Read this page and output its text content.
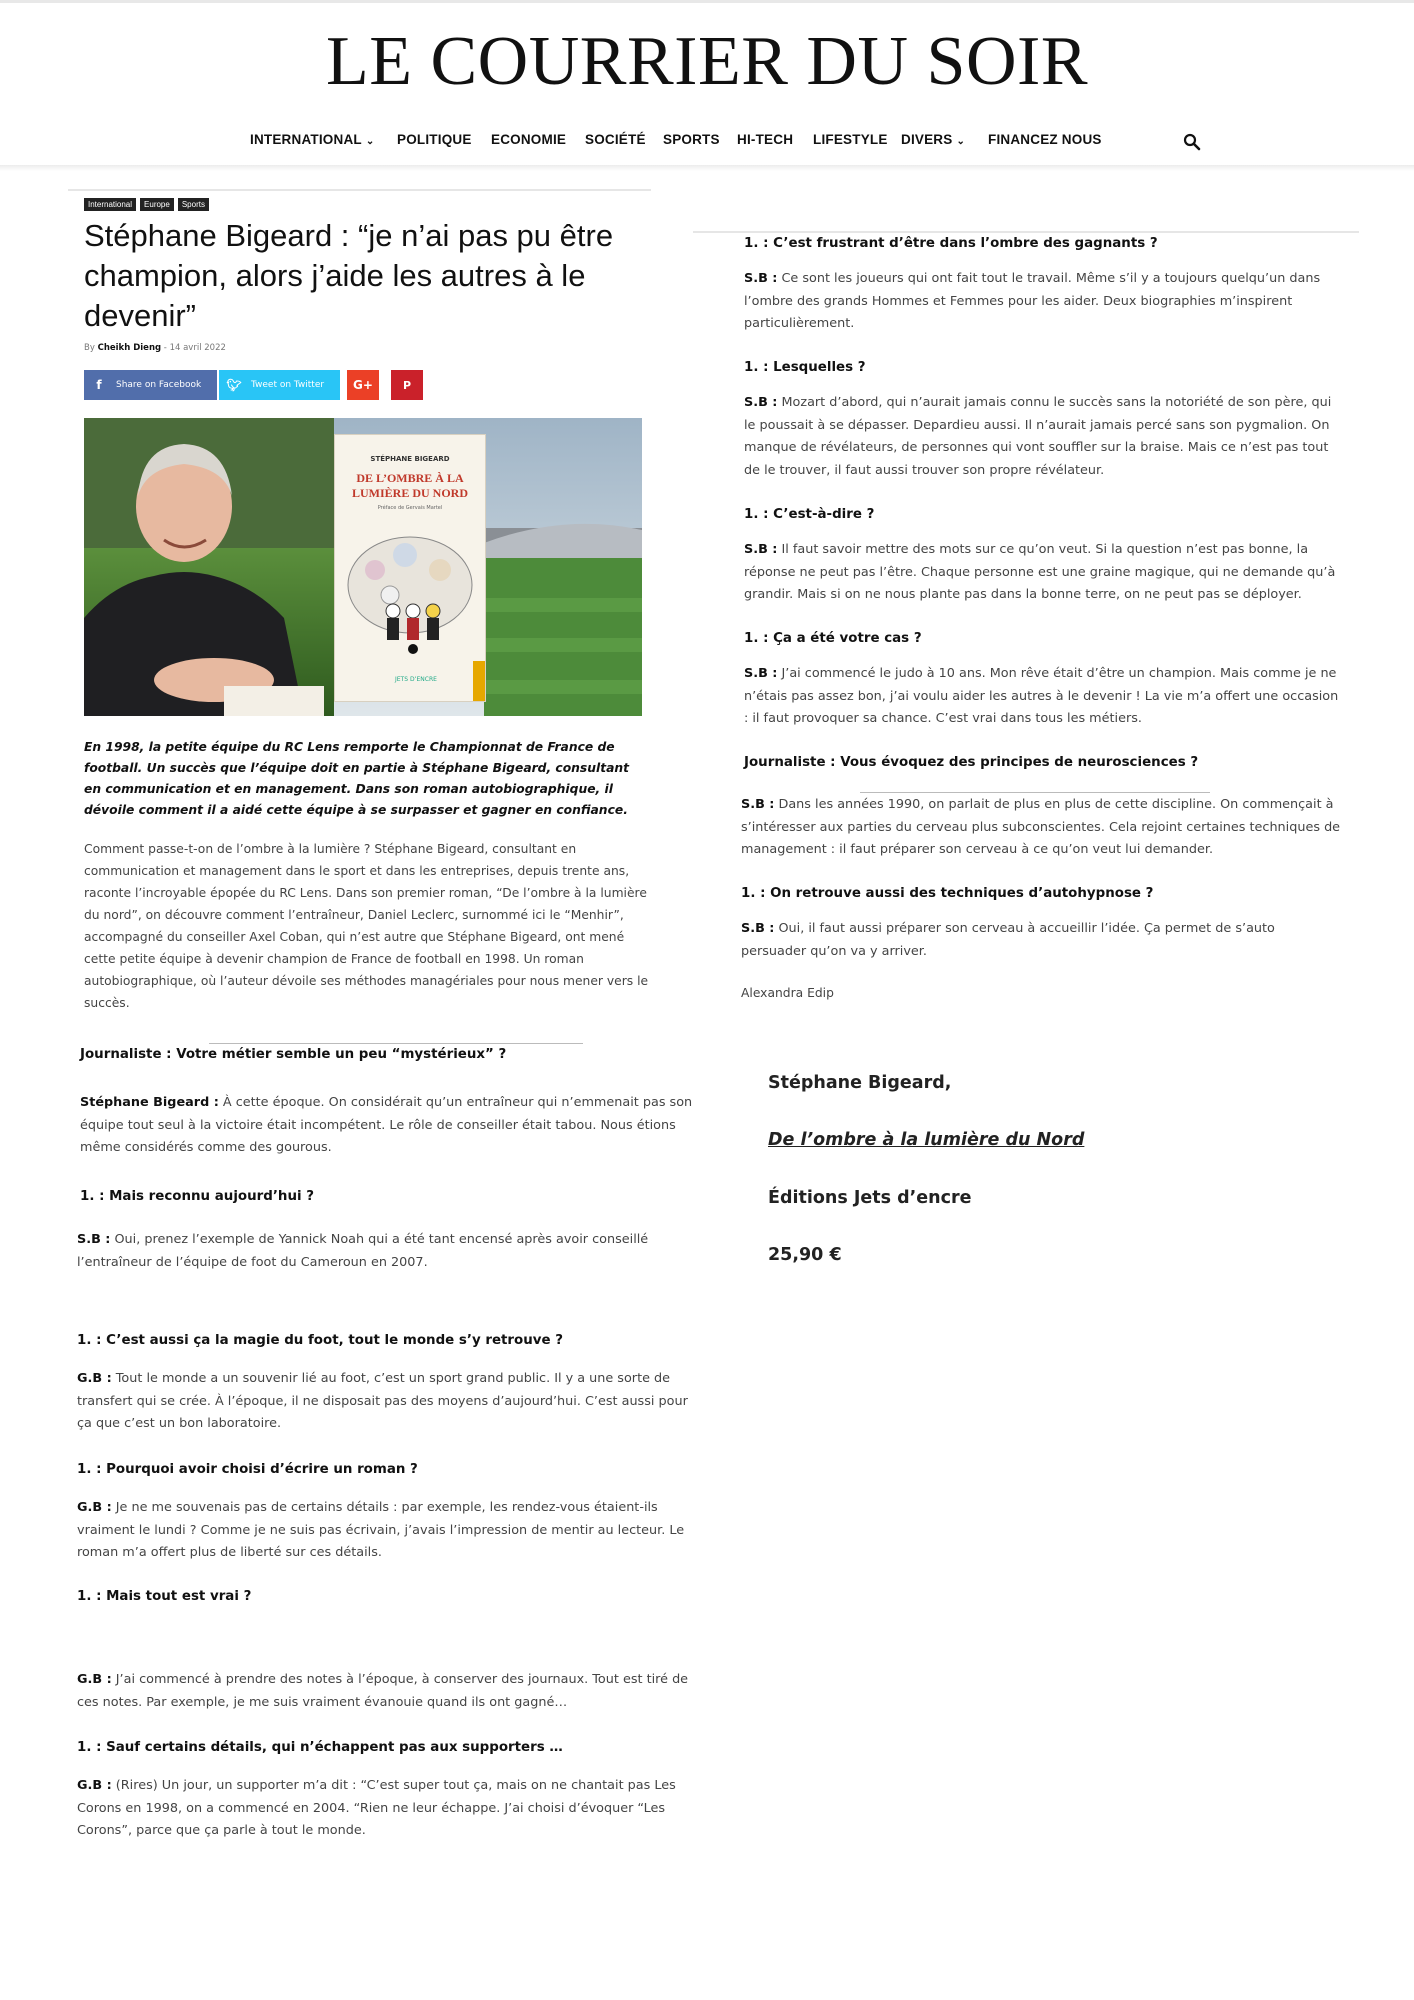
LE COURRIER DU SOIR
INTERNATIONAL ⌄ POLITIQUE ECONOMIE SOCIÉTÉ SPORTS HI-TECH LIFESTYLE DIVERS ⌄ FINANCEZ NOUS
International Europe Sports
Stéphane Bigeard : “je n’ai pas pu être champion, alors j’aide les autres à le devenir”
By Cheikh Dieng - 14 avril 2022
f	Share on Facebook	🐦︎	Tweet on Twitter	G+	P
STÉPHANE BIGEARD
DE L’OMBRE À LA LUMIÈRE DU NORD
Préface de Gervais Martel
JETS D’ENCRE

En 1998, la petite équipe du RC Lens remporte le Championnat de France de football. Un succès que l’équipe doit en partie à Stéphane Bigeard, consultant en communication et en management. Dans son roman autobiographique, il dévoile comment il a aidé cette équipe à se surpasser et gagner en confiance.

Comment passe-t-on de l’ombre à la lumière ? Stéphane Bigeard, consultant en communication et management dans le sport et dans les entreprises, depuis trente ans, raconte l’incroyable épopée du RC Lens. Dans son premier roman, “De l’ombre à la lumière du nord”, on découvre comment l’entraîneur, Daniel Leclerc, surnommé ici le “Menhir”, accompagné du conseiller Axel Coban, qui n’est autre que Stéphane Bigeard, ont mené cette petite équipe à devenir champion de France de football en 1998. Un roman autobiographique, où l’auteur dévoile ses méthodes managériales pour nous mener vers le succès.

Journaliste : Votre métier semble un peu “mystérieux” ?

Stéphane Bigeard : À cette époque. On considérait qu’un entraîneur qui n’emmenait pas son équipe tout seul à la victoire était incompétent. Le rôle de conseiller était tabou. Nous étions même considérés comme des gourous.

1. : Mais reconnu aujourd’hui ?

S.B : Oui, prenez l’exemple de Yannick Noah qui a été tant encensé après avoir conseillé l’entraîneur de l’équipe de foot du Cameroun en 2007.

1. : C’est aussi ça la magie du foot, tout le monde s’y retrouve ?

G.B : Tout le monde a un souvenir lié au foot, c’est un sport grand public. Il y a une sorte de transfert qui se crée. À l’époque, il ne disposait pas des moyens d’aujourd’hui. C’est aussi pour ça que c’est un bon laboratoire.

1. : Pourquoi avoir choisi d’écrire un roman ?

G.B : Je ne me souvenais pas de certains détails : par exemple, les rendez-vous étaient-ils vraiment le lundi ? Comme je ne suis pas écrivain, j’avais l’impression de mentir au lecteur. Le roman m’a offert plus de liberté sur ces détails.

1. : Mais tout est vrai ?

G.B : J’ai commencé à prendre des notes à l’époque, à conserver des journaux. Tout est tiré de ces notes. Par exemple, je me suis vraiment évanouie quand ils ont gagné…

1. : Sauf certains détails, qui n’échappent pas aux supporters …

G.B : (Rires) Un jour, un supporter m’a dit : “C’est super tout ça, mais on ne chantait pas Les Corons en 1998, on a commencé en 2004. “Rien ne leur échappe. J’ai choisi d’évoquer “Les Corons”, parce que ça parle à tout le monde.

1. : C’est frustrant d’être dans l’ombre des gagnants ?

S.B : Ce sont les joueurs qui ont fait tout le travail. Même s’il y a toujours quelqu’un dans l’ombre des grands Hommes et Femmes pour les aider. Deux biographies m’inspirent particulièrement.

1. : Lesquelles ?

S.B : Mozart d’abord, qui n’aurait jamais connu le succès sans la notoriété de son père, qui le poussait à se dépasser. Depardieu aussi. Il n’aurait jamais percé sans son pygmalion. On manque de révélateurs, de personnes qui vont souffler sur la braise. Mais ce n’est pas tout de le trouver, il faut aussi trouver son propre révélateur.

1. : C’est-à-dire ?

S.B : Il faut savoir mettre des mots sur ce qu’on veut. Si la question n’est pas bonne, la réponse ne peut pas l’être. Chaque personne est une graine magique, qui ne demande qu’à grandir. Mais si on ne nous plante pas dans la bonne terre, on ne peut pas se déployer.

1. : Ça a été votre cas ?

S.B : J’ai commencé le judo à 10 ans. Mon rêve était d’être un champion. Mais comme je ne n’étais pas assez bon, j’ai voulu aider les autres à le devenir ! La vie m’a offert une occasion : il faut provoquer sa chance. C’est vrai dans tous les métiers.

Journaliste : Vous évoquez des principes de neurosciences ?

S.B : Dans les années 1990, on parlait de plus en plus de cette discipline. On commençait à s’intéresser aux parties du cerveau plus subconscientes. Cela rejoint certaines techniques de management : il faut préparer son cerveau à ce qu’on veut lui demander.

1. : On retrouve aussi des techniques d’autohypnose ?

S.B : Oui, il faut aussi préparer son cerveau à accueillir l’idée. Ça permet de s’auto persuader qu’on va y arriver.

Alexandra Edip
Stéphane Bigeard,
De l’ombre à la lumière du Nord
Éditions Jets d’encre
25,90 €
